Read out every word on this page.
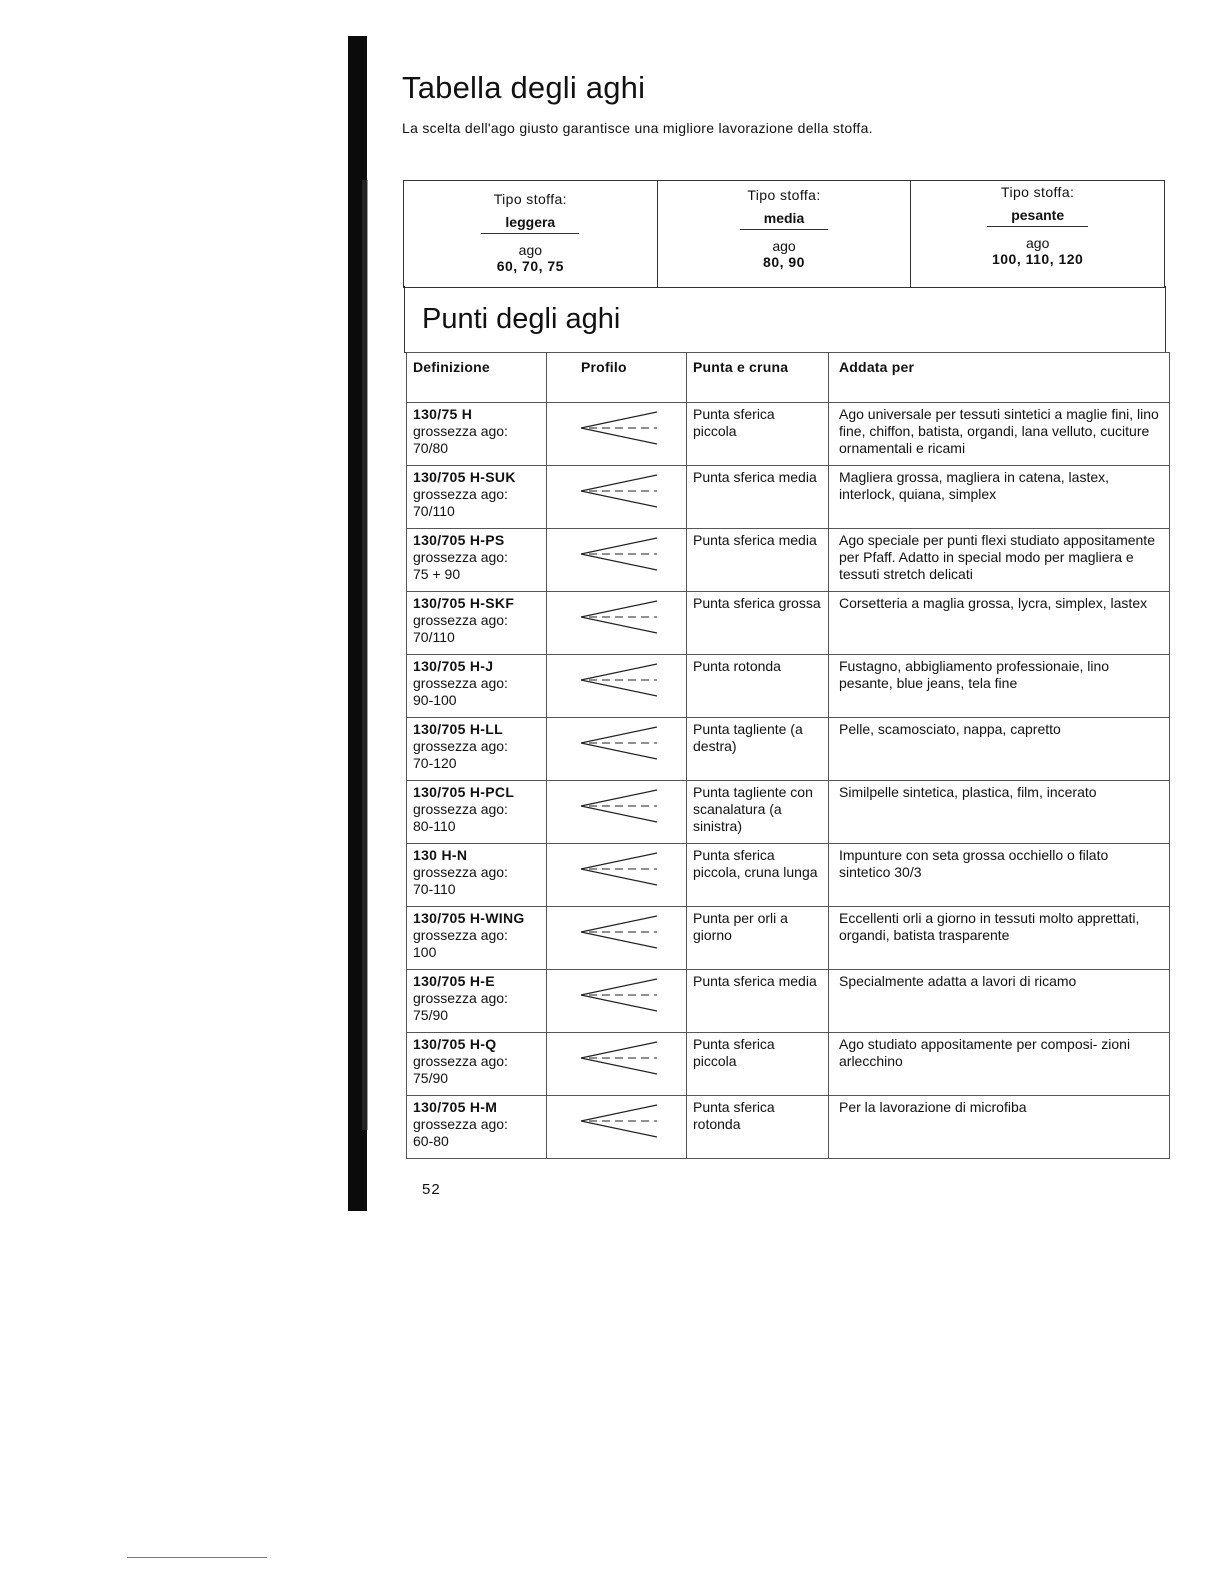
Tabella degli aghi
La scelta dell'ago giusto garantisce una migliore lavorazione della stoffa.
Tipo stoffa:
leggera
ago
60, 70, 75
Tipo stoffa:
media
ago
80, 90
Tipo stoffa:
pesante
ago
100, 110, 120
Punti degli aghi
Definizione	Profilo	Punta e cruna	Addata per
130/75 H
grossezza ago:
70/80		Punta sferica piccola	Ago universale per tessuti sintetici a maglie fini, lino fine, chiffon, batista, organdi, lana velluto, cuciture ornamentali e ricami
130/705 H-SUK
grossezza ago:
70/110		Punta sferica media	Magliera grossa, magliera in catena, lastex, interlock, quiana, simplex
130/705 H-PS
grossezza ago:
75 + 90		Punta sferica media	Ago speciale per punti flexi studiato appositamente per Pfaff. Adatto in special modo per magliera e tessuti stretch delicati
130/705 H-SKF
grossezza ago:
70/110		Punta sferica grossa	Corsetteria a maglia grossa, lycra, simplex, lastex
130/705 H-J
grossezza ago:
90-100		Punta rotonda	Fustagno, abbigliamento professionaie, lino pesante, blue jeans, tela fine
130/705 H-LL
grossezza ago:
70-120		Punta tagliente (a destra)	Pelle, scamosciato, nappa, capretto
130/705 H-PCL
grossezza ago:
80-110		Punta tagliente con scanalatura (a sinistra)	Similpelle sintetica, plastica, film, incerato
130 H-N
grossezza ago:
70-110		Punta sferica piccola, cruna lunga	Impunture con seta grossa occhiello o filato sintetico 30/3
130/705 H-WING
grossezza ago:
100		Punta per orli a giorno	Eccellenti orli a giorno in tessuti molto apprettati, organdi, batista trasparente
130/705 H-E
grossezza ago:
75/90		Punta sferica media	Specialmente adatta a lavori di ricamo
130/705 H-Q
grossezza ago:
75/90		Punta sferica piccola	Ago studiato appositamente per composi- zioni arlecchino
130/705 H-M
grossezza ago:
60-80		Punta sferica rotonda	Per la lavorazione di microfiba
52
